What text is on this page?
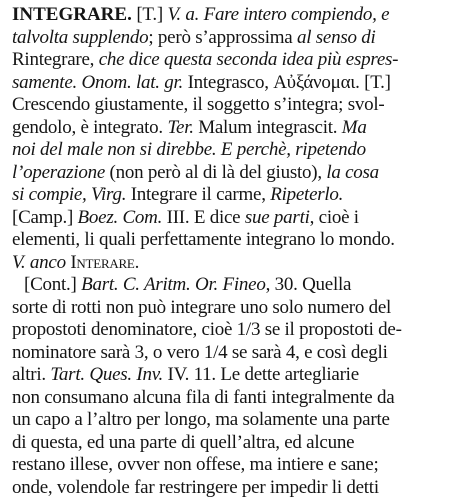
INTEGRARE. [T.] V. a. Fare intero compiendo, e
talvolta supplendo; però s’approssima al senso di
Rintegrare, che dice questa seconda idea più espres-
samente. Onom. lat. gr. Integrasco, Αὐξάνομαι. [T.]
Crescendo giustamente, il soggetto s’integra; svol-
gendolo, è integrato. Ter. Malum integrascit. Ma
noi del male non si direbbe. E perchè, ripetendo
l’operazione (non però al di là del giusto), la cosa
si compie, Virg. Integrare il carme, Ripeterlo.
[Camp.] Boez. Com. III. E dice sue parti, cioè i
elementi, li quali perfettamente integrano lo mondo.
V. anco Interare.
[Cont.] Bart. C. Aritm. Or. Fineo, 30. Quella
sorte di rotti non può integrare uno solo numero del
propostoti denominatore, cioè 1/3 se il propostoti de-
nominatore sarà 3, o vero 1/4 se sarà 4, e così degli
altri. Tart. Ques. Inv. IV. 11. Le dette artegliarie
non consumano alcuna fila di fanti integralmente da
un capo a l’altro per longo, ma solamente una parte
di questa, ed una parte di quell’altra, ed alcune
restano illese, ovver non offese, ma intiere e sane;
onde, volendole far restringere per impedir li detti
